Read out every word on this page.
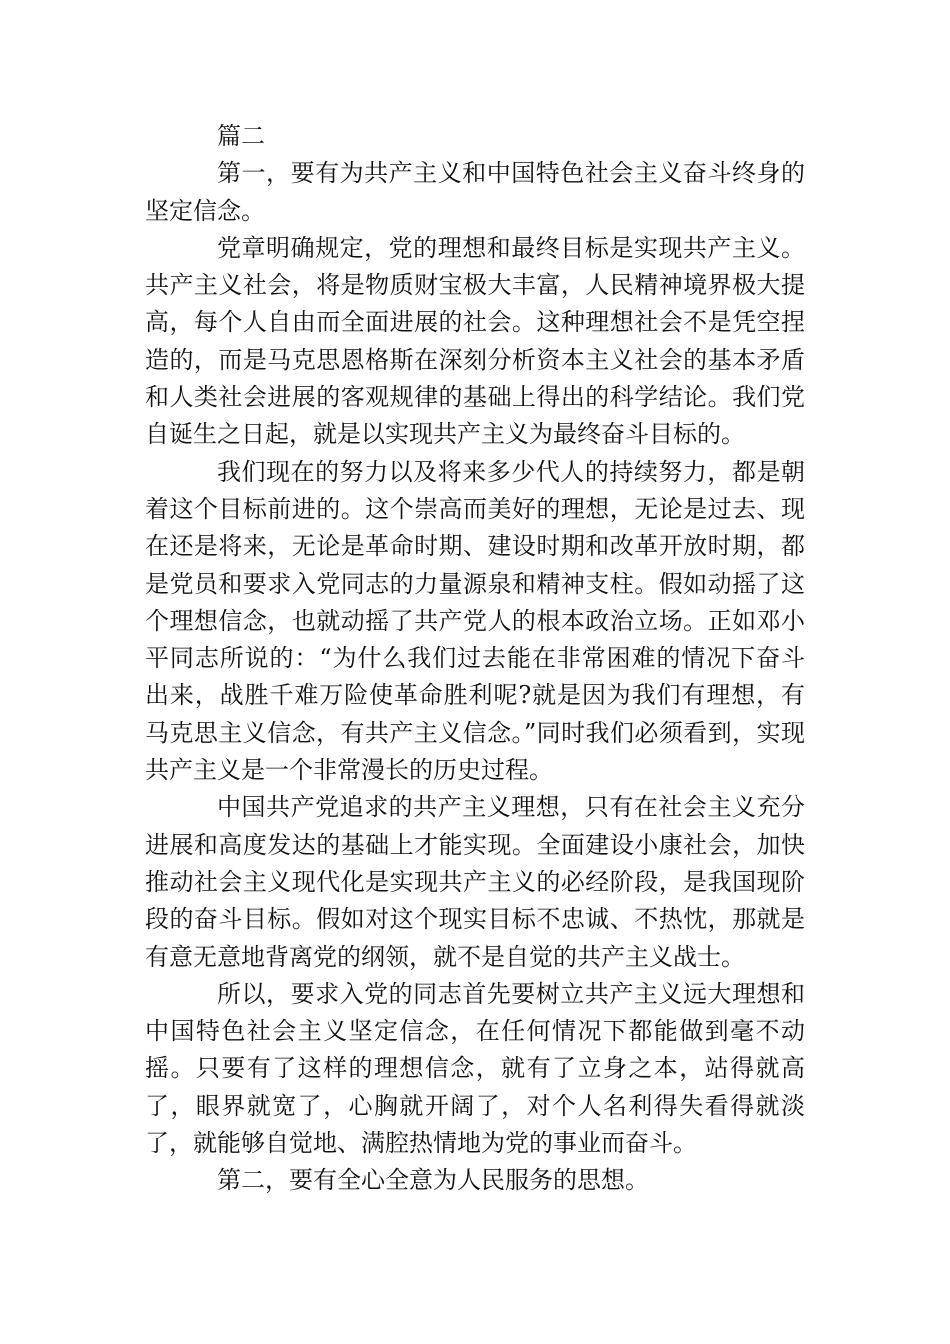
篇二

第一，要有为共产主义和中国特色社会主义奋斗终身的坚定信念。

党章明确规定，党的理想和最终目标是实现共产主义。共产主义社会，将是物质财宝极大丰富，人民精神境界极大提高，每个人自由而全面进展的社会。这种理想社会不是凭空捏造的，而是马克思恩格斯在深刻分析资本主义社会的基本矛盾和人类社会进展的客观规律的基础上得出的科学结论。我们党自诞生之日起，就是以实现共产主义为最终奋斗目标的。

我们现在的努力以及将来多少代人的持续努力，都是朝着这个目标前进的。这个崇高而美好的理想，无论是过去、现在还是将来，无论是革命时期、建设时期和改革开放时期，都是党员和要求入党同志的力量源泉和精神支柱。假如动摇了这个理想信念，也就动摇了共产党人的根本政治立场。正如邓小平同志所说的：“为什么我们过去能在非常困难的情况下奋斗出来，战胜千难万险使革命胜利呢?就是因为我们有理想，有马克思主义信念，有共产主义信念。”同时我们必须看到，实现共产主义是一个非常漫长的历史过程。

中国共产党追求的共产主义理想，只有在社会主义充分进展和高度发达的基础上才能实现。全面建设小康社会，加快推动社会主义现代化是实现共产主义的必经阶段，是我国现阶段的奋斗目标。假如对这个现实目标不忠诚、不热忱，那就是有意无意地背离党的纲领，就不是自觉的共产主义战士。

所以，要求入党的同志首先要树立共产主义远大理想和中国特色社会主义坚定信念，在任何情况下都能做到毫不动摇。只要有了这样的理想信念，就有了立身之本，站得就高了，眼界就宽了，心胸就开阔了，对个人名利得失看得就淡了，就能够自觉地、满腔热情地为党的事业而奋斗。

第二，要有全心全意为人民服务的思想。
